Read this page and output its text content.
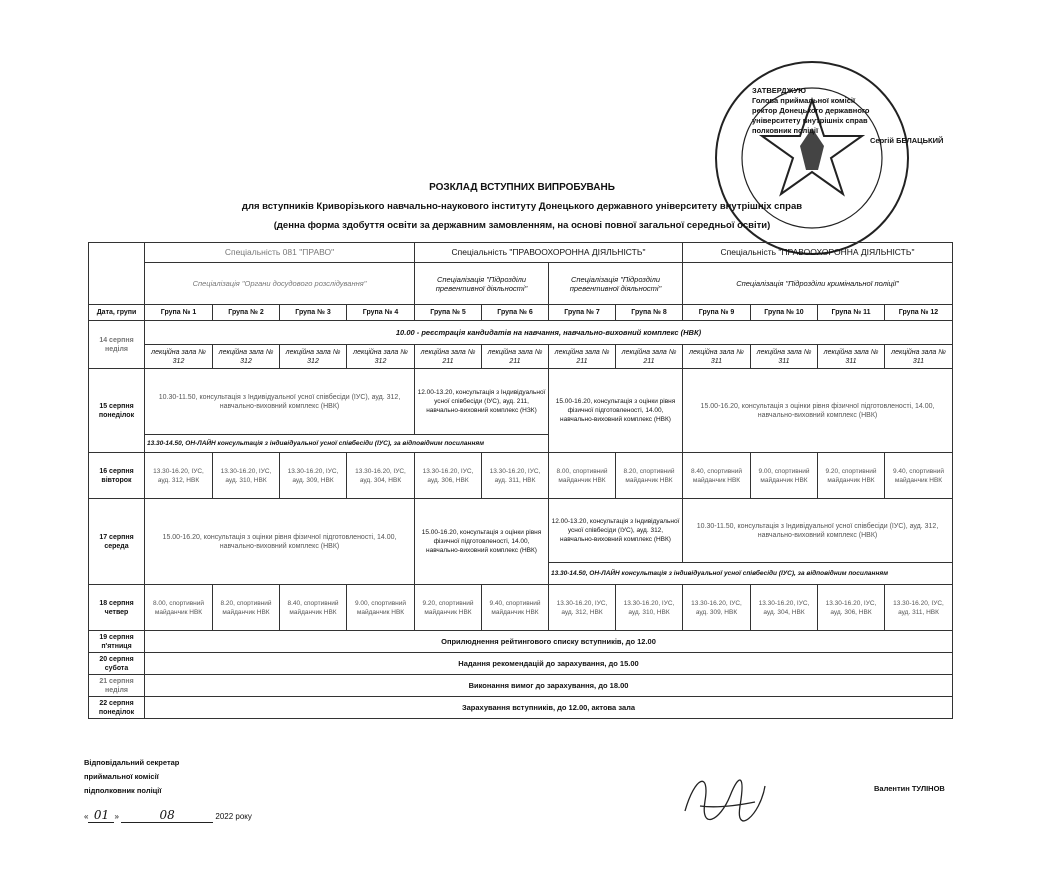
ЗАТВЕРДЖУЮ
Голова приймальної комісії
ректор Донецького державного
університету внутрішніх справ
полковник поліції
Сергій БЕЛАЦЬКИЙ
РОЗКЛАД ВСТУПНИХ ВИПРОБУВАНЬ
для вступників Криворізького навчально-наукового інституту Донецького державного університету внутрішніх справ
(денна форма здобуття освіти за державним замовленням, на основі повної загальної середньої освіти)
	Спеціальність 081 "ПРАВО"				Спеціальність "ПРАВООХОРОННА ДІЯЛЬНІСТЬ"				Спеціальність "ПРАВООХОРОННА ДІЯЛЬНІСТЬ"			
	Спеціалізація "Органи досудового розслідування"				Спеціалізація "Підрозділи превентивної діяльності"		Спеціалізація "Підрозділи превентивної діяльності"		Спеціалізація "Підрозділи кримінальної поліції"			
Дата, групи	Група № 1	Група № 2	Група № 3	Група № 4	Група № 5	Група № 6	Група № 7	Група № 8	Група № 9	Група № 10	Група № 11	Група № 12
14 серпня
неділя	10.00 - реєстрація кандидатів на навчання, навчально-виховний комплекс (НВК)											
	лекційна зала № 312	лекційна зала № 312	лекційна зала № 312	лекційна зала № 312	лекційна зала № 211	лекційна зала № 211	лекційна зала № 211	лекційна зала № 211	лекційна зала № 311	лекційна зала № 311	лекційна зала № 311	лекційна зала № 311
15 серпня
понеділок	10.30-11.50, консультація з Індивідуальної усної співбесіди (ІУС), ауд. 312, навчально-виховний комплекс (НВК)				12.00-13.20, консультація з Індивідуальної усної співбесіди (ІУС), ауд. 211, навчально-виховний комплекс (НЗК)		15.00-16.20, консультація з оцінки рівня фізичної підготовленості, 14.00, навчально-виховний комплекс (НВК)		15.00-16.20, консультація з оцінки рівня фізичної підготовленості, 14.00, навчально-виховний комплекс (НВК)			
	13.30-14.50, ОН-ЛАЙН консультація з індивідуальної усної співбесіди (ІУС), за відповідним посиланням											
16 серпня
вівторок	13.30-16.20, ІУС, ауд. 312, НВК	13.30-16.20, ІУС, ауд. 310, НВК	13.30-16.20, ІУС, ауд. 309, НВК	13.30-16.20, ІУС, ауд. 304, НВК	13.30-16.20, ІУС, ауд. 306, НВК	13.30-16.20, ІУС, ауд. 311, НВК	8.00, спортивний майданчик НВК	8.20, спортивний майданчик НВК	8.40, спортивний майданчик НВК	9.00, спортивний майданчик НВК	9.20, спортивний майданчик НВК	9.40, спортивний майданчик НВК
17 серпня
середа	15.00-16.20, консультація з оцінки рівня фізичної підготовленості, 14.00, навчально-виховний комплекс (НВК)				15.00-16.20, консультація з оцінки рівня фізичної підготовленості, 14.00, навчально-виховний комплекс (НВК)		12.00-13.20, консультація з Індивідуальної усної співбесіди (ІУС), ауд. 312, навчально-виховний комплекс (НВК)		10.30-11.50, консультація з Індивідуальної усної співбесіди (ІУС), ауд. 312, навчально-виховний комплекс (НВК)			
							13.30-14.50, ОН-ЛАЙН консультація з індивідуальної усної співбесіди (ІУС), за відповідним посиланням					
18 серпня
четвер	8.00, спортивний майданчик НВК	8.20, спортивний майданчик НВК	8.40, спортивний майданчик НВК	9.00, спортивний майданчик НВК	9.20, спортивний майданчик НВК	9.40, спортивний майданчик НВК	13.30-16.20, ІУС, ауд. 312, НВК	13.30-16.20, ІУС, ауд. 310, НВК	13.30-16.20, ІУС, ауд. 309, НВК	13.30-16.20, ІУС, ауд. 304, НВК	13.30-16.20, ІУС, ауд. 306, НВК	13.30-16.20, ІУС, ауд. 311, НВК
19 серпня
п'ятниця	Оприлюднення рейтингового списку вступників, до 12.00											
20 серпня
субота	Надання рекомендацій до зарахування, до 15.00											
21 серпня
неділя	Виконання вимог до зарахування, до 18.00											
22 серпня
понеділок	Зарахування вступників, до 12.00, актова зала											
Відповідальний секретар
приймальної комісії
підполковник поліції
« 01 »	08	2022 року
Валентин ТУЛІНОВ
